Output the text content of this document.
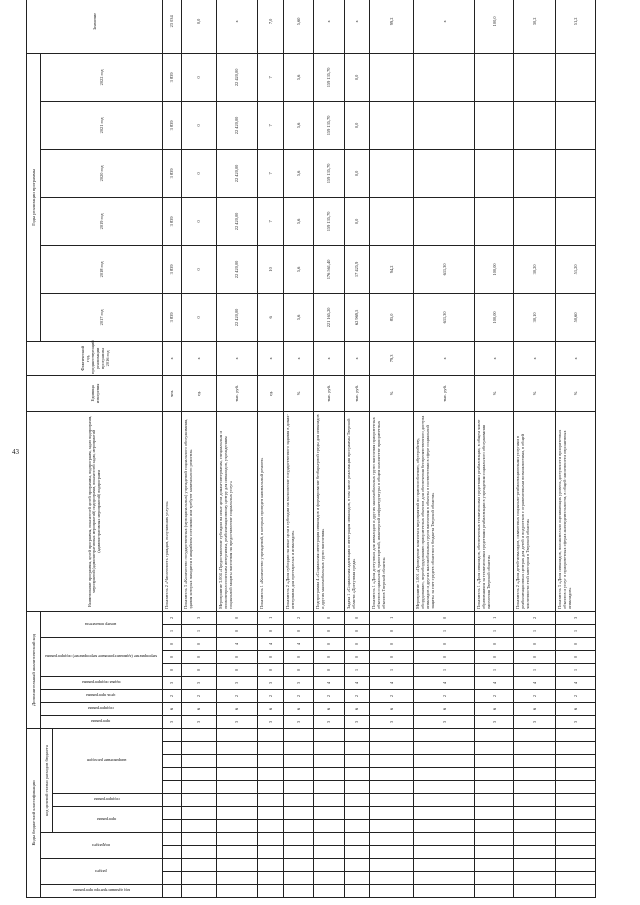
43
Коды бюджетной классификации													Дополнительный аналитический код									Наименование программы, целей программы, показателей целей программы, подпрограмм, задач подпрограмм, мероприятий (административных мероприятий) подпрограмм, показателей задач, мероприятий (административных мероприятий) подпрограмм	Единица измерения	Фактический год, предшествующий реализации программы 2016 год	Годы реализации программы						Значение
код администратора программы	раздел		подраздел		код целевой статьи расходов бюджета								программа	подпрограмма	цель программы	задача подпрограммы	мероприятие (административное мероприятие) подпрограммы			номер показателя					2017 год	2018 год	2019 год	2020 год	2021 год	2022 год	
					программа		подпрограмма	направление расходов																							
													3	6	2	3	0	0	0	1	2	Показатель 2 «Численность граждан, получивших услуги»	чел.	х	3 839	3 839	3 839	3 839	3 839	3 839	23 034
													3	6	2	3	0	0	0	1	3	Показатель 3 «Количество государственных (муниципальных) учреждений социального обслуживания, здания которых находятся в аварийном состоянии или требуют капитального ремонта»	ед.	х	0	0	0	0	0	0	0,0
													3	6	2	3	0	0	4	0	0	Мероприятие 3.004 «Предоставление субсидии на иные цели домам-интернатам, специальным и психоневрологическим интернатам, реабилитационному центру для инвалидов, учреждениям социальной защиты населения на предоставление социальных услуг»	тыс. руб.	х	22 420,00	22 420,00	22 420,00	22 420,00	22 420,00	22 420,00	х
													3	6	2	3	0	0	4	0	1	Показатель 1 «Количество учреждений, в которых проведен капитальный ремонт»	ед.	х	6	10	7	7	7	7	7,0
													3	6	2	3	0	0	4	0	2	Показатель 2 «Доля субсидии на иные цели в субсидии на выполнение государственного задания в домах-интернатах для престарелых и инвалидов»	%	х	5,6	5,6	5,6	5,6	5,6	5,6	5,60
													3	6	2	4	0	0	0	0	0	Подпрограмма 4 «Социальная интеграция инвалидов и формирование безбарьерной среды для инвалидов и других маломобильных групп населения»	тыс. руб.	х	221 165,20	176 561,40	159 135,70	159 135,70	159 135,70	159 135,70	х
													3	6	2	4	1	0	0	0	0	Задача 1 «Социальная адаптация и интеграция инвалидов, в том числе реализация программы Тверской области «Доступная среда»	тыс. руб.	х	62 969,5	17 425,9	0,0	0,0	0,0	0,0	х
													3	6	2	4	1	0	0	0	1	Показатель 1 «Доля доступных для инвалидов и других маломобильных групп населения приоритетных объектов социальной, транспортной, инженерной инфраструктуры в общем количестве приоритетных объектов Тверской области»	%	79,3	85,0	94,2					99,2
													3	6	2	4	1	0	0	1	0	Мероприятие 1.001 «Проведение комплекса мероприятий по приспособлению, обустройству, оборудованию, переоборудованию приоритетных объектов для обеспечения беспрепятственного доступа инвалидов и других маломобильных групп населения в объекты в соответствии в сфере социальной защиты за счет средств областного бюджета Тверской области»	тыс. руб.	х	611,30	611,30					х
													3	6	2	4	1	0	0	1	1	Показатель 1 «Доля инвалидов, обеспеченных техническими средствами реабилитации, в общем числе обратившихся за техническими средствами реабилитации в учреждения социального обслуживания населения Тверской области»	%	х	100,00	100,00					100,0
													3	6	2	4	1	0	0	1	2	Показатель 2 «Доля детей-инвалидов, охваченных социально-реабилитационными услугами в реабилитационных центрах для детей и подростков с ограниченными возможностями, в общей численности этой категории в Тверской области»	%	х	30,10	30,20					30,2
													3	6	2	4	1	0	0	1	3	Показатель 3 «Доля инвалидов, положительно оценивающих уровень доступности приоритетных объектов и услуг в приоритетных сферах жизнедеятельности, в общей численности опрошенных инвалидов»	%	х	50,60	51,20					51,2
